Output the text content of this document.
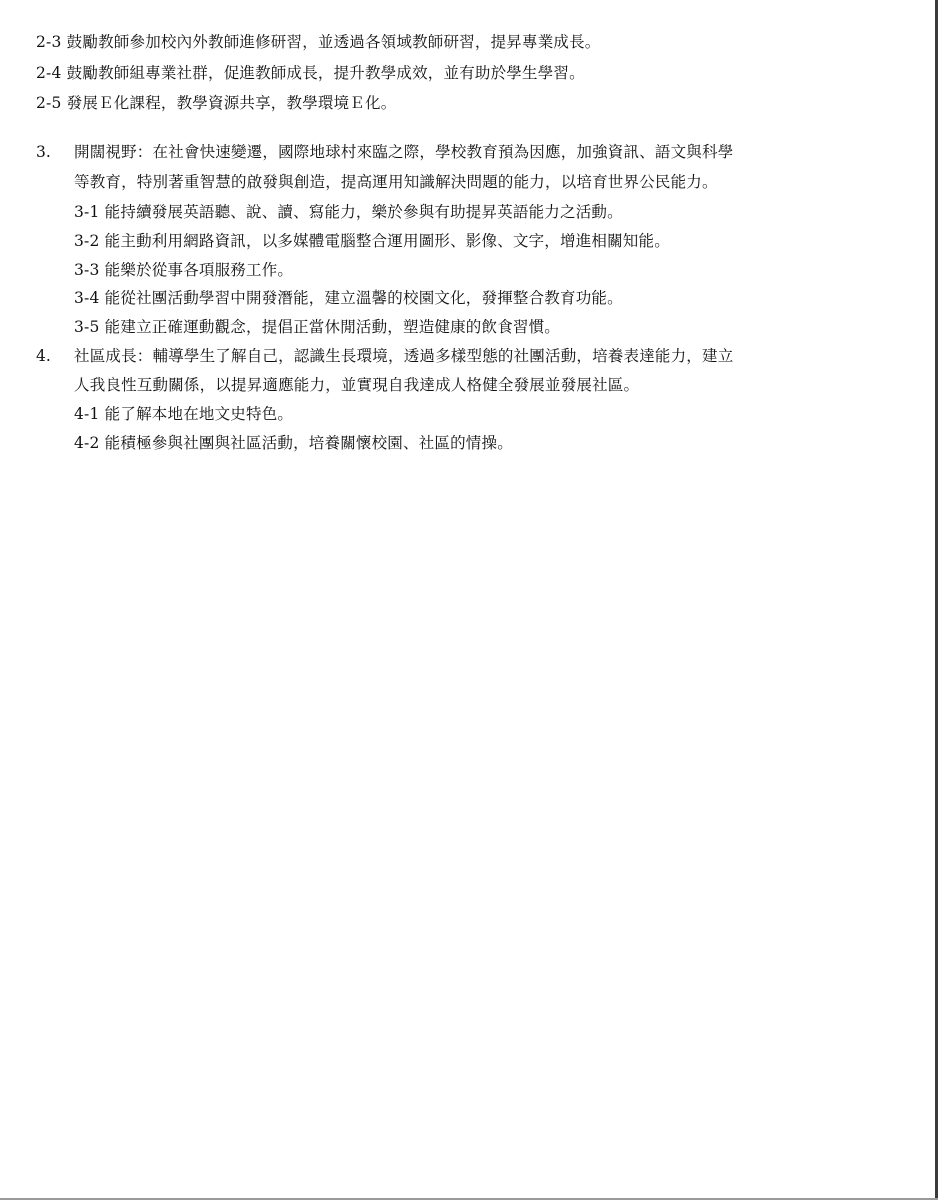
2-3 鼓勵教師參加校內外教師進修研習，並透過各領域教師研習，提昇專業成長。
2-4 鼓勵教師組專業社群，促進教師成長，提升教學成效，並有助於學生學習。
2-5 發展Ｅ化課程，教學資源共享，教學環境Ｅ化。
3. 開闊視野：在社會快速變遷，國際地球村來臨之際，學校教育預為因應，加強資訊、語文與科學
等教育，特別著重智慧的啟發與創造，提高運用知識解決問題的能力，以培育世界公民能力。
3-1 能持續發展英語聽、說、讀、寫能力，樂於參與有助提昇英語能力之活動。
3-2 能主動利用網路資訊，以多媒體電腦整合運用圖形、影像、文字，增進相關知能。
3-3 能樂於從事各項服務工作。
3-4 能從社團活動學習中開發潛能，建立溫馨的校園文化，發揮整合教育功能。
3-5 能建立正確運動觀念，提倡正當休閒活動，塑造健康的飲食習慣。
4. 社區成長：輔導學生了解自己，認識生長環境，透過多樣型態的社團活動，培養表達能力，建立
人我良性互動關係，以提昇適應能力，並實現自我達成人格健全發展並發展社區。
4-1 能了解本地在地文史特色。
4-2 能積極參與社團與社區活動，培養關懷校園、社區的情操。
